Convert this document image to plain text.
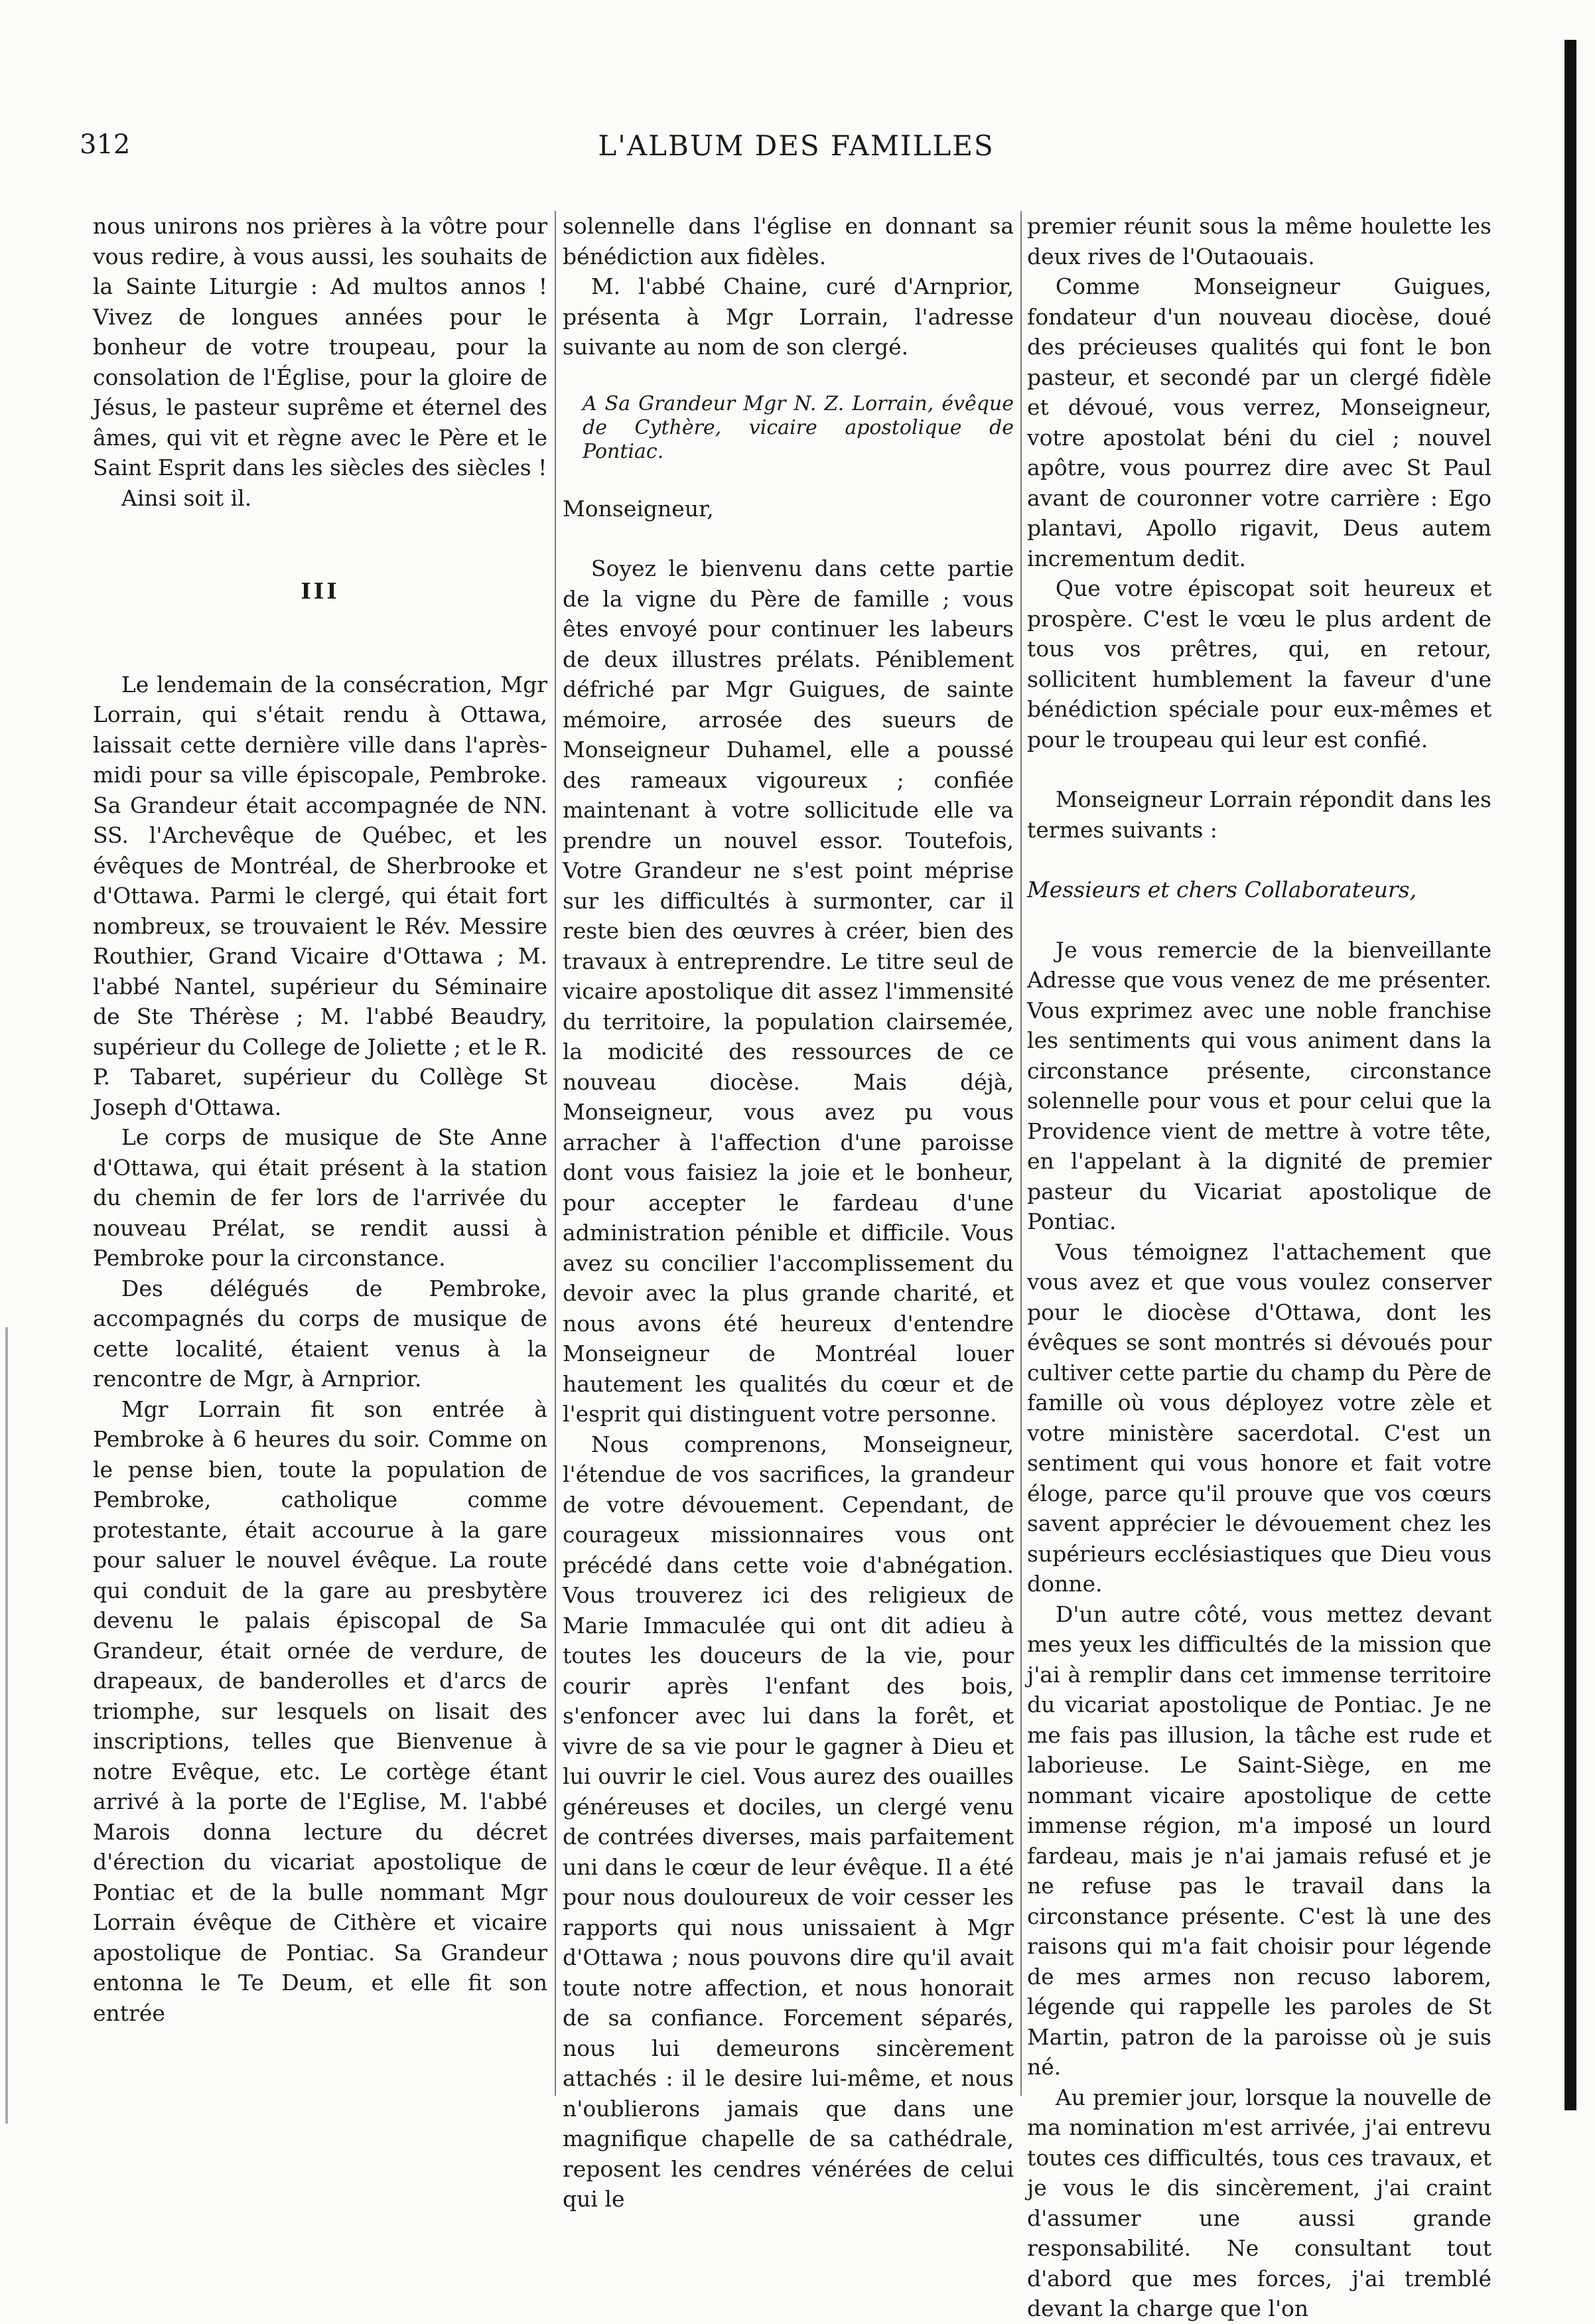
312	L'ALBUM DES FAMILLES

nous unirons nos prières à la vôtre pour vous redire, à vous aussi, les souhaits de la Sainte Liturgie : Ad multos annos ! Vivez de longues années pour le bonheur de votre troupeau, pour la consolation de l'Église, pour la gloire de Jésus, le pasteur suprême et éternel des âmes, qui vit et règne avec le Père et le Saint Esprit dans les siècles des siècles !

Ainsi soit il.

III

Le lendemain de la consécration, Mgr Lorrain, qui s'était rendu à Ottawa, laissait cette dernière ville dans l'après-midi pour sa ville épiscopale, Pembroke. Sa Grandeur était accompagnée de NN. SS. l'Archevêque de Québec, et les évêques de Montréal, de Sherbrooke et d'Ottawa. Parmi le clergé, qui était fort nombreux, se trouvaient le Rév. Messire Routhier, Grand Vicaire d'Ottawa ; M. l'abbé Nantel, supérieur du Séminaire de Ste Thérèse ; M. l'abbé Beaudry, supérieur du College de Joliette ; et le R. P. Tabaret, supérieur du Collège St Joseph d'Ottawa.

Le corps de musique de Ste Anne d'Ottawa, qui était présent à la station du chemin de fer lors de l'arrivée du nouveau Prélat, se rendit aussi à Pembroke pour la circonstance.

Des délégués de Pembroke, accompagnés du corps de musique de cette localité, étaient venus à la rencontre de Mgr, à Arnprior.

Mgr Lorrain fit son entrée à Pembroke à 6 heures du soir. Comme on le pense bien, toute la population de Pembroke, catholique comme protestante, était accourue à la gare pour saluer le nouvel évêque. La route qui conduit de la gare au presbytère devenu le palais épiscopal de Sa Grandeur, était ornée de verdure, de drapeaux, de banderolles et d'arcs de triomphe, sur lesquels on lisait des inscriptions, telles que Bienvenue à notre Evêque, etc. Le cortège étant arrivé à la porte de l'Eglise, M. l'abbé Marois donna lecture du décret d'érection du vicariat apostolique de Pontiac et de la bulle nommant Mgr Lorrain évêque de Cithère et vicaire apostolique de Pontiac. Sa Grandeur entonna le Te Deum, et elle fit son entrée

solennelle dans l'église en donnant sa bénédiction aux fidèles.

M. l'abbé Chaine, curé d'Arnprior, présenta à Mgr Lorrain, l'adresse suivante au nom de son clergé.

A Sa Grandeur Mgr N. Z. Lorrain, évêque de Cythère, vicaire apostolique de Pontiac.

Monseigneur,

Soyez le bienvenu dans cette partie de la vigne du Père de famille ; vous êtes envoyé pour continuer les labeurs de deux illustres prélats. Péniblement défriché par Mgr Guigues, de sainte mémoire, arrosée des sueurs de Monseigneur Duhamel, elle a poussé des rameaux vigoureux ; confiée maintenant à votre sollicitude elle va prendre un nouvel essor. Toutefois, Votre Grandeur ne s'est point méprise sur les difficultés à surmonter, car il reste bien des œuvres à créer, bien des travaux à entreprendre. Le titre seul de vicaire apostolique dit assez l'immensité du territoire, la population clairsemée, la modicité des ressources de ce nouveau diocèse. Mais déjà, Monseigneur, vous avez pu vous arracher à l'affection d'une paroisse dont vous faisiez la joie et le bonheur, pour accepter le fardeau d'une administration pénible et difficile. Vous avez su concilier l'accomplissement du devoir avec la plus grande charité, et nous avons été heureux d'entendre Monseigneur de Montréal louer hautement les qualités du cœur et de l'esprit qui distinguent votre personne.

Nous comprenons, Monseigneur, l'étendue de vos sacrifices, la grandeur de votre dévouement. Cependant, de courageux missionnaires vous ont précédé dans cette voie d'abnégation. Vous trouverez ici des religieux de Marie Immaculée qui ont dit adieu à toutes les douceurs de la vie, pour courir après l'enfant des bois, s'enfoncer avec lui dans la forêt, et vivre de sa vie pour le gagner à Dieu et lui ouvrir le ciel. Vous aurez des ouailles généreuses et dociles, un clergé venu de contrées diverses, mais parfaitement uni dans le cœur de leur évêque. Il a été pour nous douloureux de voir cesser les rapports qui nous unissaient à Mgr d'Ottawa ; nous pouvons dire qu'il avait toute notre affection, et nous honorait de sa confiance. Forcement séparés, nous lui demeurons sincèrement attachés : il le desire lui-même, et nous n'oublierons jamais que dans une magnifique chapelle de sa cathédrale, reposent les cendres vénérées de celui qui le

premier réunit sous la même houlette les deux rives de l'Outaouais.

Comme Monseigneur Guigues, fondateur d'un nouveau diocèse, doué des précieuses qualités qui font le bon pasteur, et secondé par un clergé fidèle et dévoué, vous verrez, Monseigneur, votre apostolat béni du ciel ; nouvel apôtre, vous pourrez dire avec St Paul avant de couronner votre carrière : Ego plantavi, Apollo rigavit, Deus autem incrementum dedit.

Que votre épiscopat soit heureux et prospère. C'est le vœu le plus ardent de tous vos prêtres, qui, en retour, sollicitent humblement la faveur d'une bénédiction spéciale pour eux-mêmes et pour le troupeau qui leur est confié.

Monseigneur Lorrain répondit dans les termes suivants :

Messieurs et chers Collaborateurs,

Je vous remercie de la bienveillante Adresse que vous venez de me présenter. Vous exprimez avec une noble franchise les sentiments qui vous animent dans la circonstance présente, circonstance solennelle pour vous et pour celui que la Providence vient de mettre à votre tête, en l'appelant à la dignité de premier pasteur du Vicariat apostolique de Pontiac.

Vous témoignez l'attachement que vous avez et que vous voulez conserver pour le diocèse d'Ottawa, dont les évêques se sont montrés si dévoués pour cultiver cette partie du champ du Père de famille où vous déployez votre zèle et votre ministère sacerdotal. C'est un sentiment qui vous honore et fait votre éloge, parce qu'il prouve que vos cœurs savent apprécier le dévouement chez les supérieurs ecclésiastiques que Dieu vous donne.

D'un autre côté, vous mettez devant mes yeux les difficultés de la mission que j'ai à remplir dans cet immense territoire du vicariat apostolique de Pontiac. Je ne me fais pas illusion, la tâche est rude et laborieuse. Le Saint-Siège, en me nommant vicaire apostolique de cette immense région, m'a imposé un lourd fardeau, mais je n'ai jamais refusé et je ne refuse pas le travail dans la circonstance présente. C'est là une des raisons qui m'a fait choisir pour légende de mes armes non recuso laborem, légende qui rappelle les paroles de St Martin, patron de la paroisse où je suis né.

Au premier jour, lorsque la nouvelle de ma nomination m'est arrivée, j'ai entrevu toutes ces difficultés, tous ces travaux, et je vous le dis sincèrement, j'ai craint d'assumer une aussi grande responsabilité. Ne consultant tout d'abord que mes forces, j'ai tremblé devant la charge que l'on
